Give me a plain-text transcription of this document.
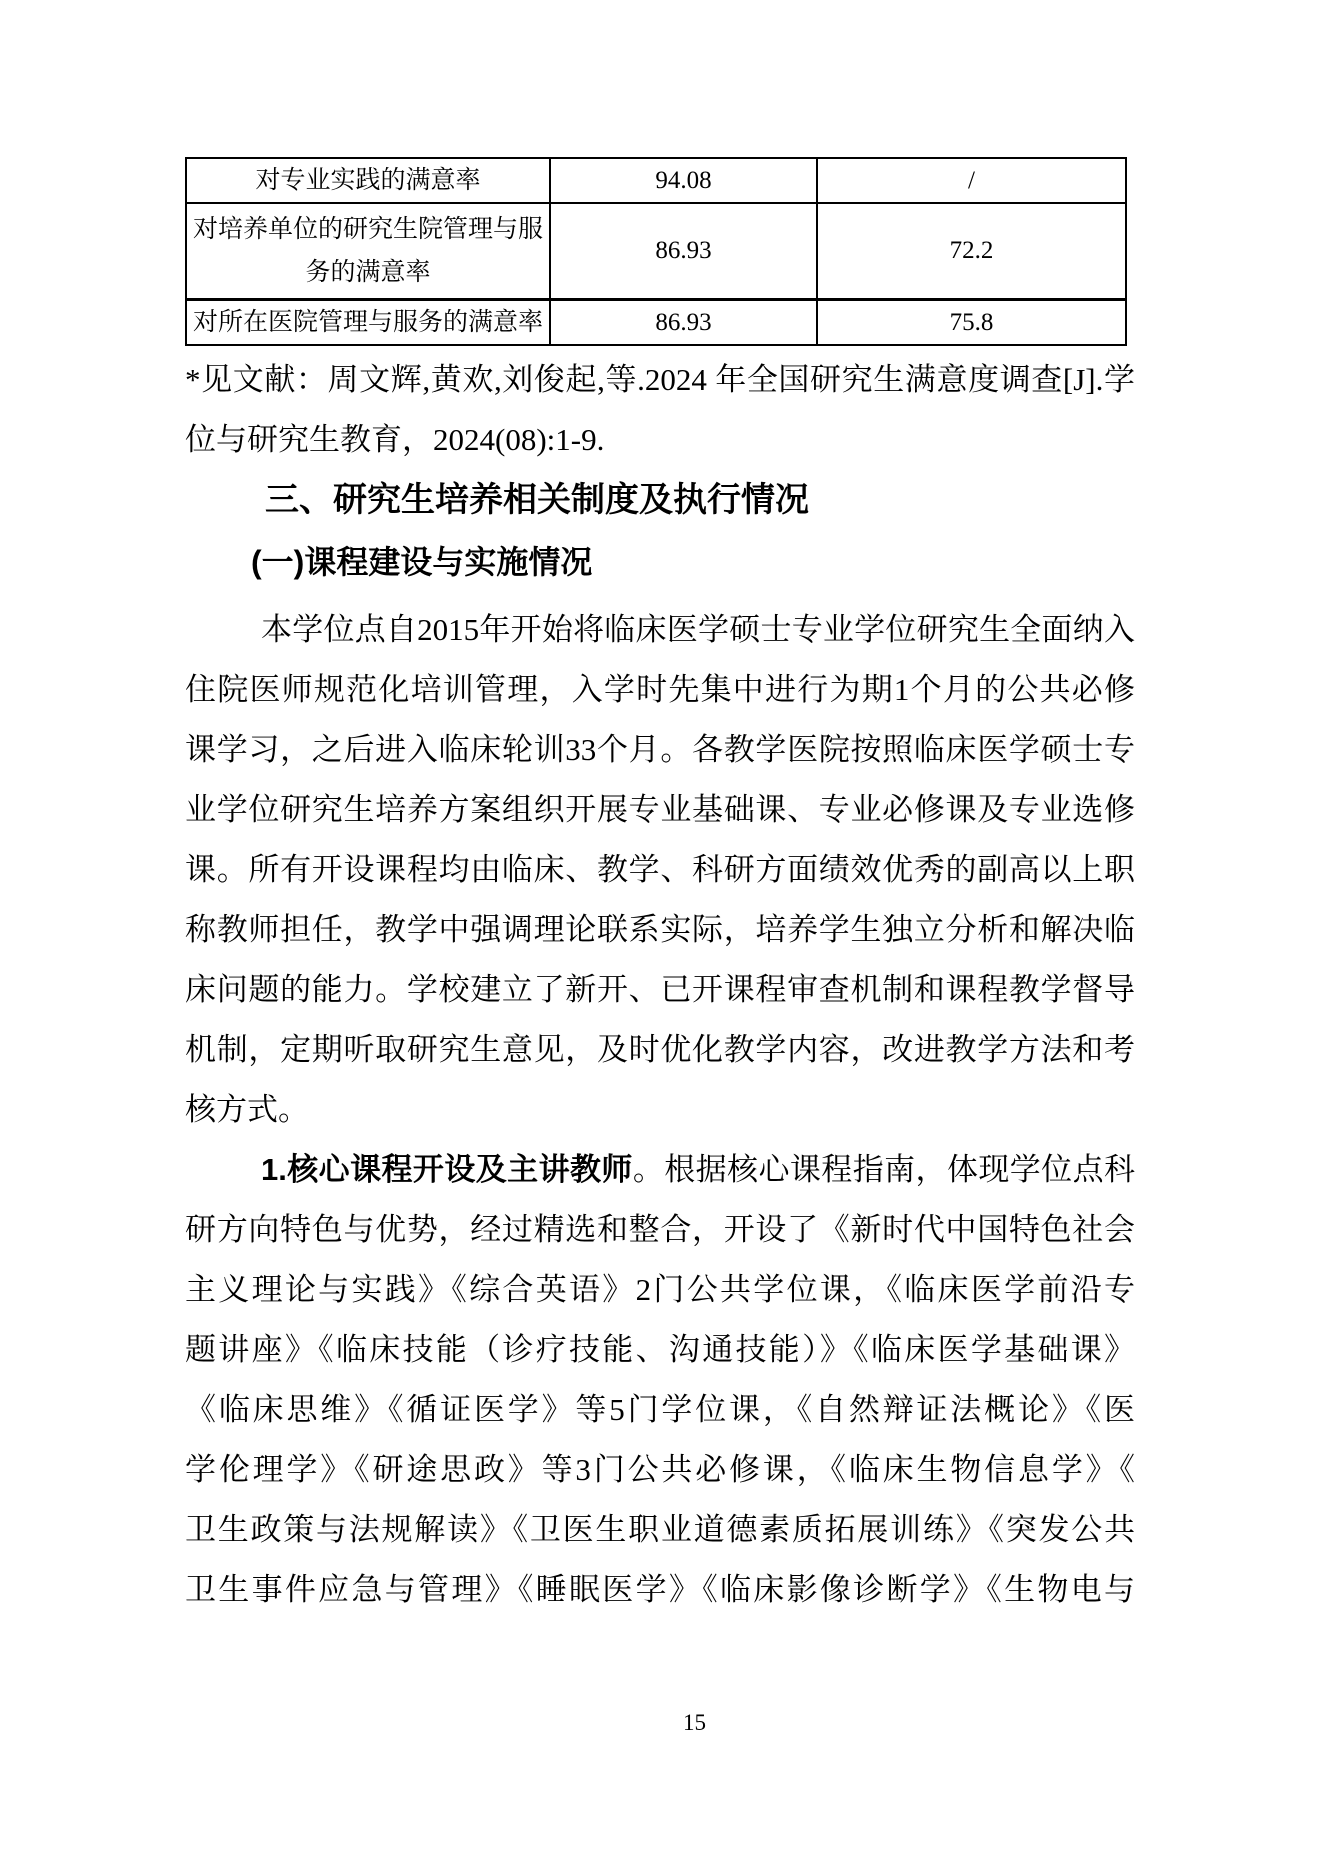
对专业实践的满意率	94.08	/
对培养单位的研究生院管理与服务的满意率	86.93	72.2
对所在医院管理与服务的满意率	86.93	75.8
*见文献：周文辉,黄欢,刘俊起,等.2024 年全国研究生满意度调查[J].学
位与研究生教育，2024(08):1-9.
三、研究生培养相关制度及执行情况
(一)课程建设与实施情况
本学位点自2015年开始将临床医学硕士专业学位研究生全面纳入
住院医师规范化培训管理，入学时先集中进行为期1个月的公共必修
课学习，之后进入临床轮训33个月。各教学医院按照临床医学硕士专
业学位研究生培养方案组织开展专业基础课、专业必修课及专业选修
课。所有开设课程均由临床、教学、科研方面绩效优秀的副高以上职
称教师担任，教学中强调理论联系实际，培养学生独立分析和解决临
床问题的能力。学校建立了新开、已开课程审查机制和课程教学督导
机制，定期听取研究生意见，及时优化教学内容，改进教学方法和考
核方式。
1.核心课程开设及主讲教师。根据核心课程指南，体现学位点科
研方向特色与优势，经过精选和整合，开设了《新时代中国特色社会
主义理论与实践》《综合英语》2门公共学位课，《临床医学前沿专
题讲座》《临床技能（诊疗技能、沟通技能）》《临床医学基础课》
《临床思维》《循证医学》等5门学位课，《自然辩证法概论》《医
学伦理学》《研途思政》等3门公共必修课，《临床生物信息学》《
卫生政策与法规解读》《卫医生职业道德素质拓展训练》《突发公共
卫生事件应急与管理》《睡眠医学》《临床影像诊断学》《生物电与
15
